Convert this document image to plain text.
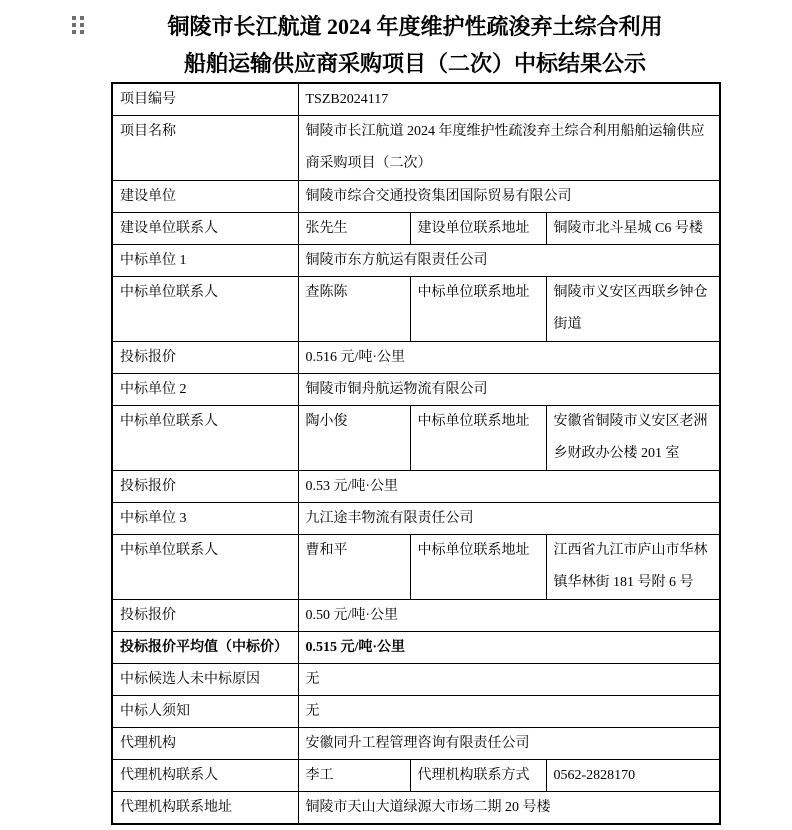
铜陵市长江航道 2024 年度维护性疏浚弃土综合利用
船舶运输供应商采购项目（二次）中标结果公示
项目编号	TSZB2024117		
项目名称	铜陵市长江航道 2024 年度维护性疏浚弃土综合利用船舶运输供应商采购项目（二次）		
建设单位	铜陵市综合交通投资集团国际贸易有限公司		
建设单位联系人	张先生	建设单位联系地址	铜陵市北斗星城 C6 号楼
中标单位 1	铜陵市东方航运有限责任公司		
中标单位联系人	查陈陈	中标单位联系地址	铜陵市义安区西联乡钟仓街道
投标报价	0.516 元/吨·公里		
中标单位 2	铜陵市铜舟航运物流有限公司		
中标单位联系人	陶小俊	中标单位联系地址	安徽省铜陵市义安区老洲乡财政办公楼 201 室
投标报价	0.53 元/吨·公里		
中标单位 3	九江途丰物流有限责任公司		
中标单位联系人	曹和平	中标单位联系地址	江西省九江市庐山市华林镇华林街 181 号附 6 号
投标报价	0.50 元/吨·公里		
投标报价平均值（中标价）	0.515 元/吨·公里		
中标候选人未中标原因	无		
中标人须知	无		
代理机构	安徽同升工程管理咨询有限责任公司		
代理机构联系人	李工	代理机构联系方式	0562-2828170
代理机构联系地址	铜陵市天山大道绿源大市场二期 20 号楼		
